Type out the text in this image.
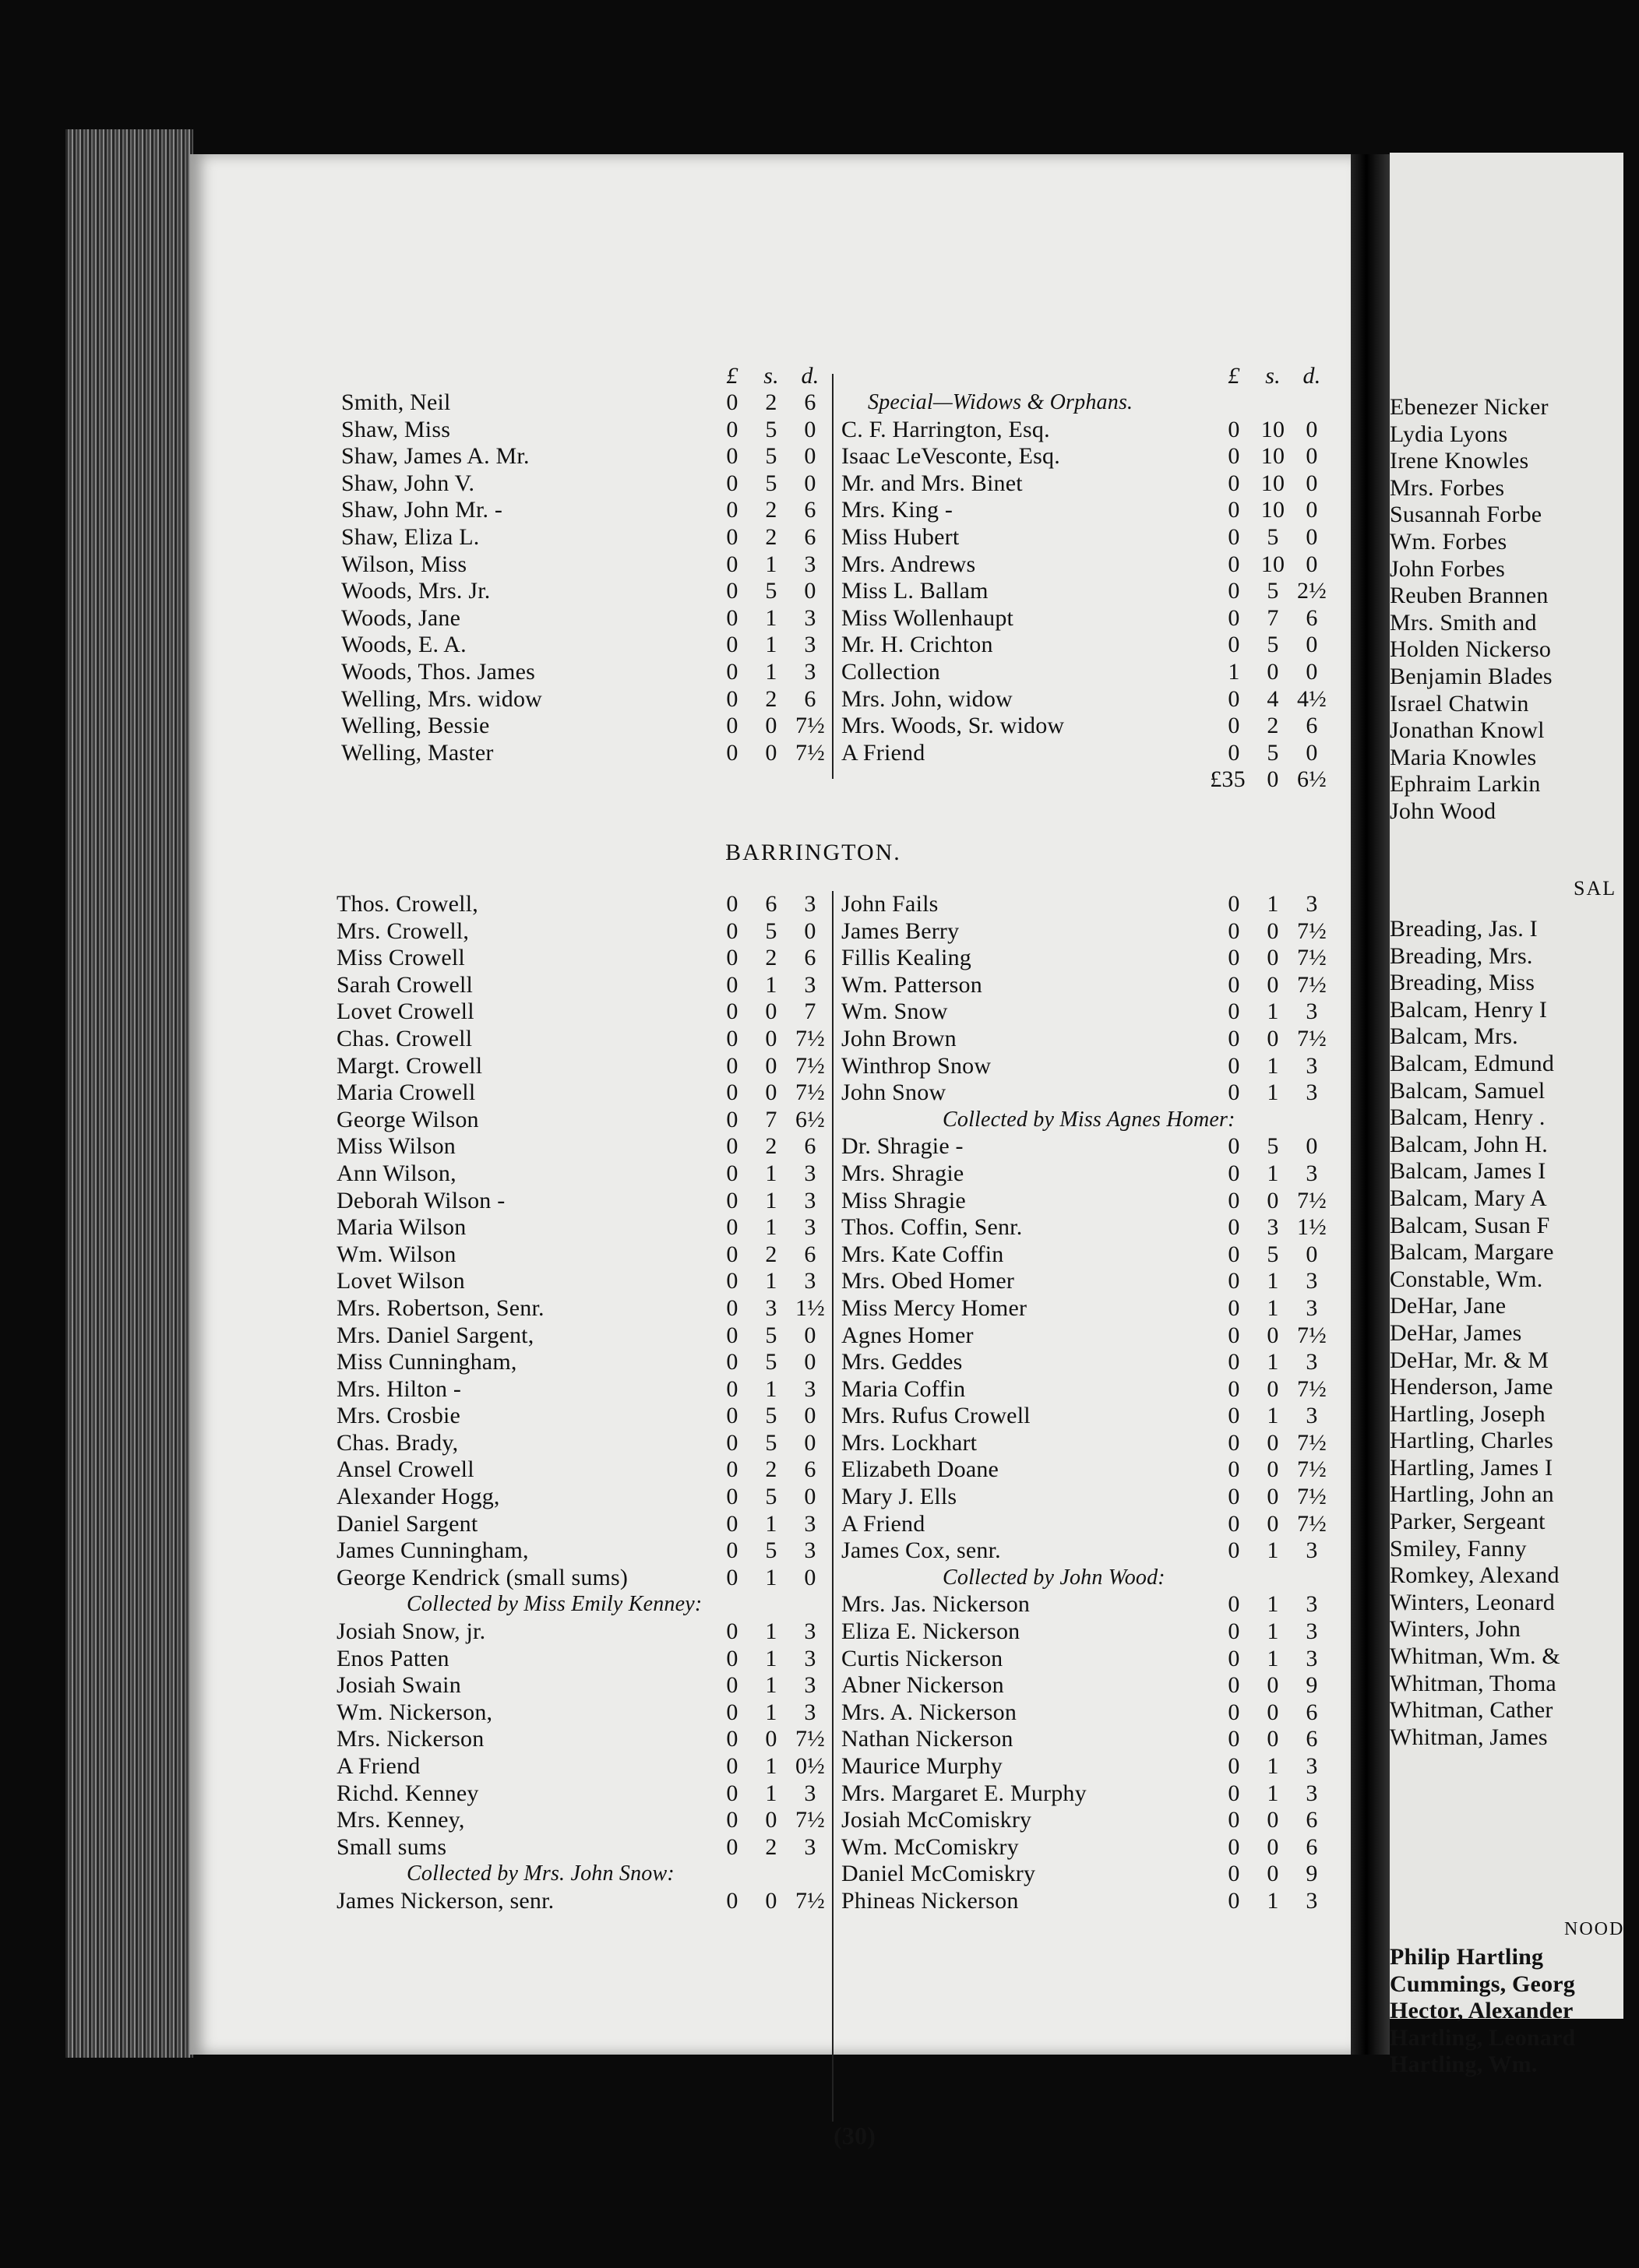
£	s. d.	£	s. d.
Smith, Neil	0	2	6
Shaw, Miss	0	5	0
Shaw, James A. Mr.	0	5	0
Shaw, John V.	0	5	0
Shaw, John Mr. -	0	2	6
Shaw, Eliza L.	0	2	6
Wilson, Miss	0	1	3
Woods, Mrs. Jr.	0	5	0
Woods, Jane	0	1	3
Woods, E. A.	0	1	3
Woods, Thos. James	0	1	3
Welling, Mrs. widow	0	2	6
Welling, Bessie	0	0 7½
Welling, Master	0	0 7½
Special—Widows & Orphans.
C. F. Harrington, Esq.	0 10 0
Isaac LeVesconte, Esq.	0 10 0
Mr. and Mrs. Binet	0 10 0
Mrs. King -	0 10 0
Miss Hubert	0	5	0
Mrs. Andrews	0 10 0
Miss L. Ballam	0	5 2½
Miss Wollenhaupt	0	7	6
Mr. H. Crichton	0	5	0
Collection	1	0	0
Mrs. John, widow	0	4 4½
Mrs. Woods, Sr. widow	0	2	6
A Friend	0	5	0
£35 0 6½
BARRINGTON.
Thos. Crowell,	0	6	3
Mrs. Crowell,	0	5	0
Miss Crowell	0	2	6
Sarah Crowell	0	1	3
Lovet Crowell	0	0	7
Chas. Crowell	0	0 7½
Margt. Crowell	0	0 7½
Maria Crowell	0	0 7½
George Wilson	0	7 6½
Miss Wilson	0	2	6
Ann Wilson,	0	1	3
Deborah Wilson -	0	1	3
Maria Wilson	0	1	3
Wm. Wilson	0	2	6
Lovet Wilson	0	1	3
Mrs. Robertson, Senr.	0	3 1½
Mrs. Daniel Sargent,	0	5	0
Miss Cunningham,	0	5	0
Mrs. Hilton -	0	1	3
Mrs. Crosbie	0	5	0
Chas. Brady,	0	5	0
Ansel Crowell	0	2	6
Alexander Hogg,	0	5	0
Daniel Sargent	0	1	3
James Cunningham,	0	5	3
George Kendrick (small sums)	0	1	0
Collected by Miss Emily Kenney:
Josiah Snow, jr.	0	1	3
Enos Patten	0	1	3
Josiah Swain	0	1	3
Wm. Nickerson,	0	1	3
Mrs. Nickerson	0	0 7½
A Friend	0	1 0½
Richd. Kenney	0	1	3
Mrs. Kenney,	0	0 7½
Small sums	0	2	3
Collected by Mrs. John Snow:
James Nickerson, senr.	0	0 7½
John Fails	0	1	3
James Berry	0	0 7½
Fillis Kealing	0	0 7½
Wm. Patterson	0	0 7½
Wm. Snow	0	1	3
John Brown	0	0 7½
Winthrop Snow	0	1	3
John Snow	0	1	3
Collected by Miss Agnes Homer:
Dr. Shragie -	0	5	0
Mrs. Shragie	0	1	3
Miss Shragie	0	0 7½
Thos. Coffin, Senr.	0	3 1½
Mrs. Kate Coffin	0	5	0
Mrs. Obed Homer	0	1	3
Miss Mercy Homer	0	1	3
Agnes Homer	0	0 7½
Mrs. Geddes	0	1	3
Maria Coffin	0	0 7½
Mrs. Rufus Crowell	0	1	3
Mrs. Lockhart	0	0 7½
Elizabeth Doane	0	0 7½
Mary J. Ells	0	0 7½
A Friend	0	0 7½
James Cox, senr.	0	1	3
Collected by John Wood:
Mrs. Jas. Nickerson	0	1	3
Eliza E. Nickerson	0	1	3
Curtis Nickerson	0	1	3
Abner Nickerson	0	0	9
Mrs. A. Nickerson	0	0	6
Nathan Nickerson	0	0	6
Maurice Murphy	0	1	3
Mrs. Margaret E. Murphy	0	1	3
Josiah McComiskry	0	0	6
Wm. McComiskry	0	0	6
Daniel McComiskry	0	0	9
Phineas Nickerson	0	1	3
(30)
Ebenezer Nicker
Lydia Lyons
Irene Knowles
Mrs. Forbes
Susannah Forbe
Wm. Forbes
John Forbes
Reuben Brannen
Mrs. Smith and
Holden Nickerso
Benjamin Blades
Israel Chatwin
Jonathan Knowl
Maria Knowles
Ephraim Larkin
John Wood
SAL
Breading, Jas. I
Breading, Mrs.
Breading, Miss
Balcam, Henry I
Balcam, Mrs.
Balcam, Edmund
Balcam, Samuel
Balcam, Henry .
Balcam, John H.
Balcam, James I
Balcam, Mary A
Balcam, Susan F
Balcam, Margare
Constable, Wm.
DeHar, Jane
DeHar, James
DeHar, Mr. & M
Henderson, Jame
Hartling, Joseph
Hartling, Charles
Hartling, James I
Hartling, John an
Parker, Sergeant
Smiley, Fanny
Romkey, Alexand
Winters, Leonard
Winters, John
Whitman, Wm. &
Whitman, Thoma
Whitman, Cather
Whitman, James
NOOD
Philip Hartling
Cummings, Georg
Hector, Alexander
Hartling, Leonard
Hartling, Wm.
